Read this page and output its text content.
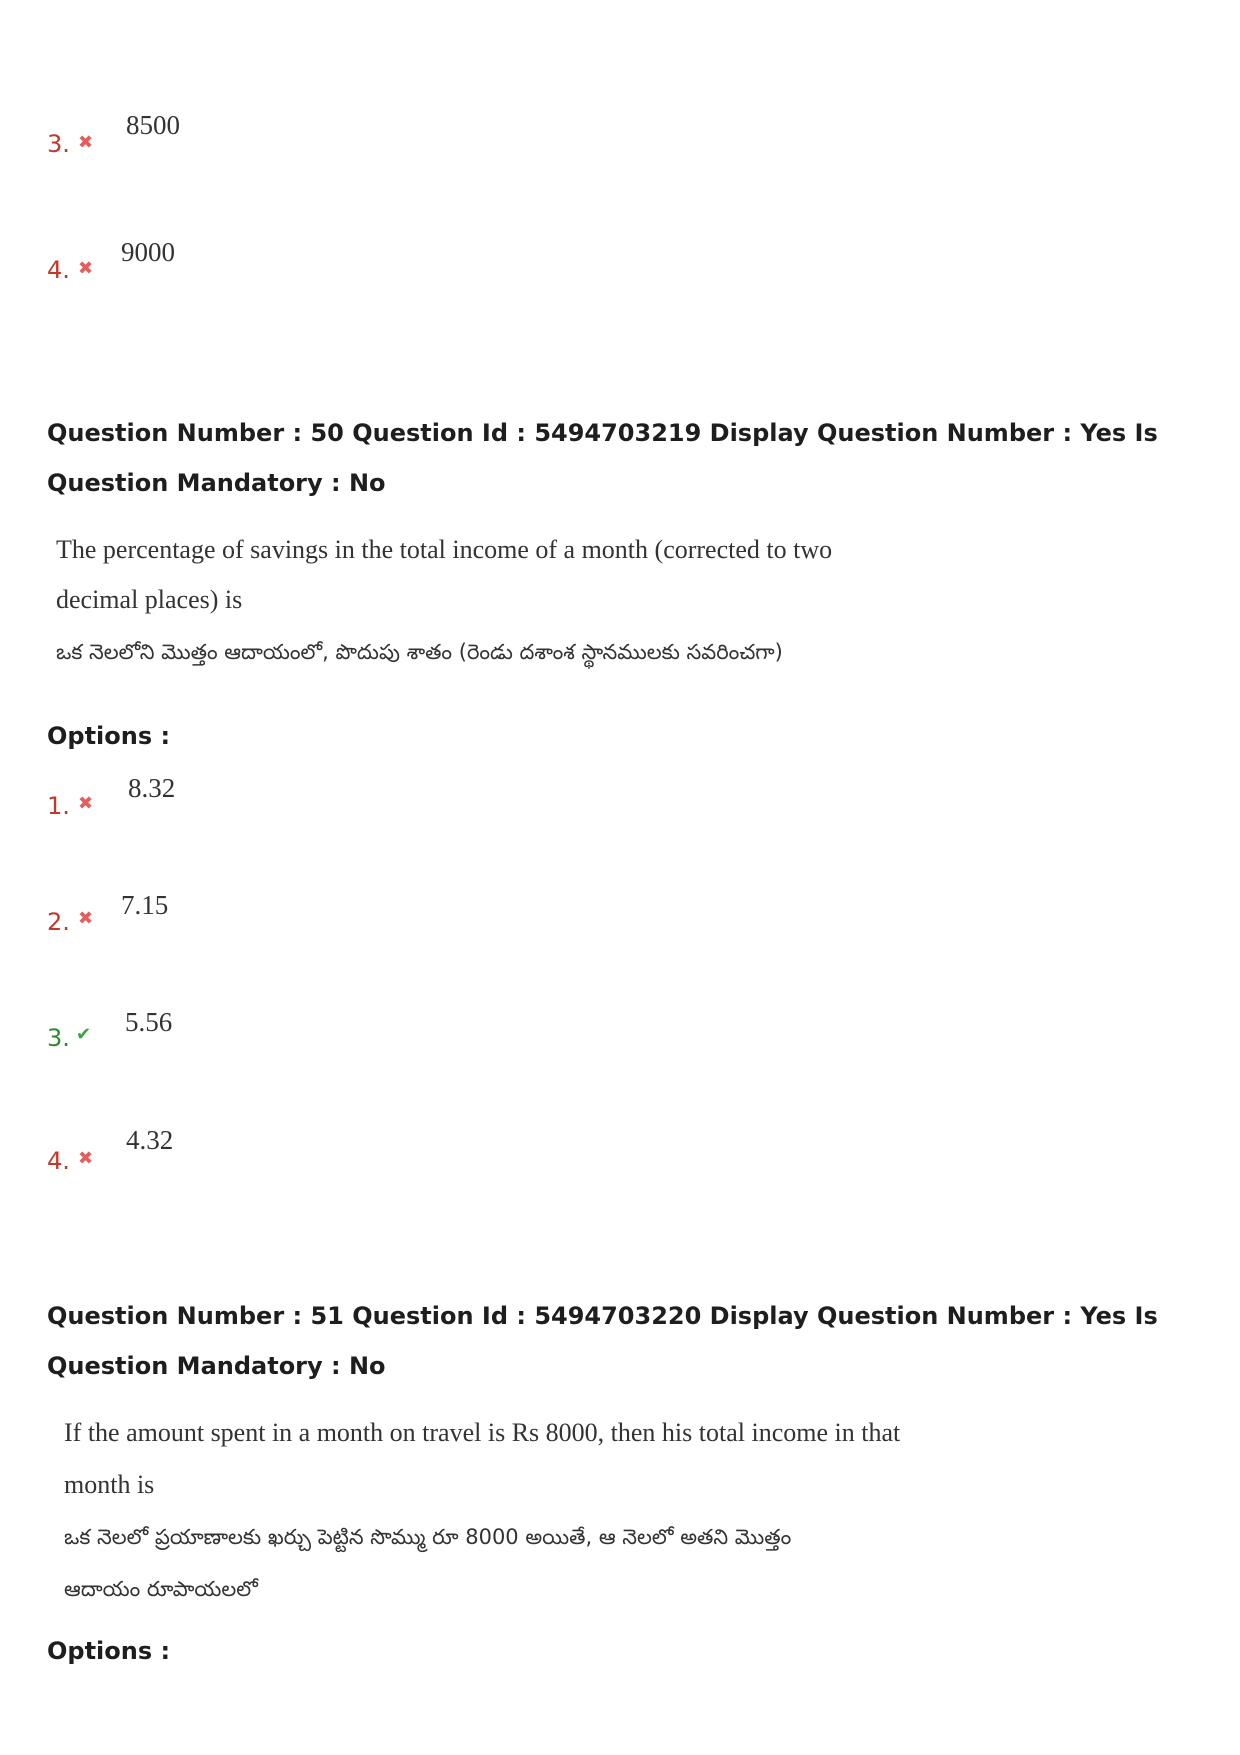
3. ✖
8500
4. ✖
9000
Question Number : 50 Question Id : 5494703219 Display Question Number : Yes Is Question Mandatory : No
The percentage of savings in the total income of a month (corrected to two
decimal places) is
ఒక నెలలోని మొత్తం ఆదాయంలో, పొదుపు శాతం (రెండు దశాంశ స్థానములకు సవరించగా)
Options :
1. ✖
8.32
2. ✖ 7.15
3. ✔ 5.56
4. ✖
4.32
Question Number : 51 Question Id : 5494703220 Display Question Number : Yes Is Question Mandatory : No
If the amount spent in a month on travel is Rs 8000, then his total income in that
month is
ఒక నెలలో ప్రయాణాలకు ఖర్చు పెట్టిన సొమ్ము రూ 8000 అయితే, ఆ నెలలో అతని మొత్తం
ఆదాయం రూపాయలలో
Options :
